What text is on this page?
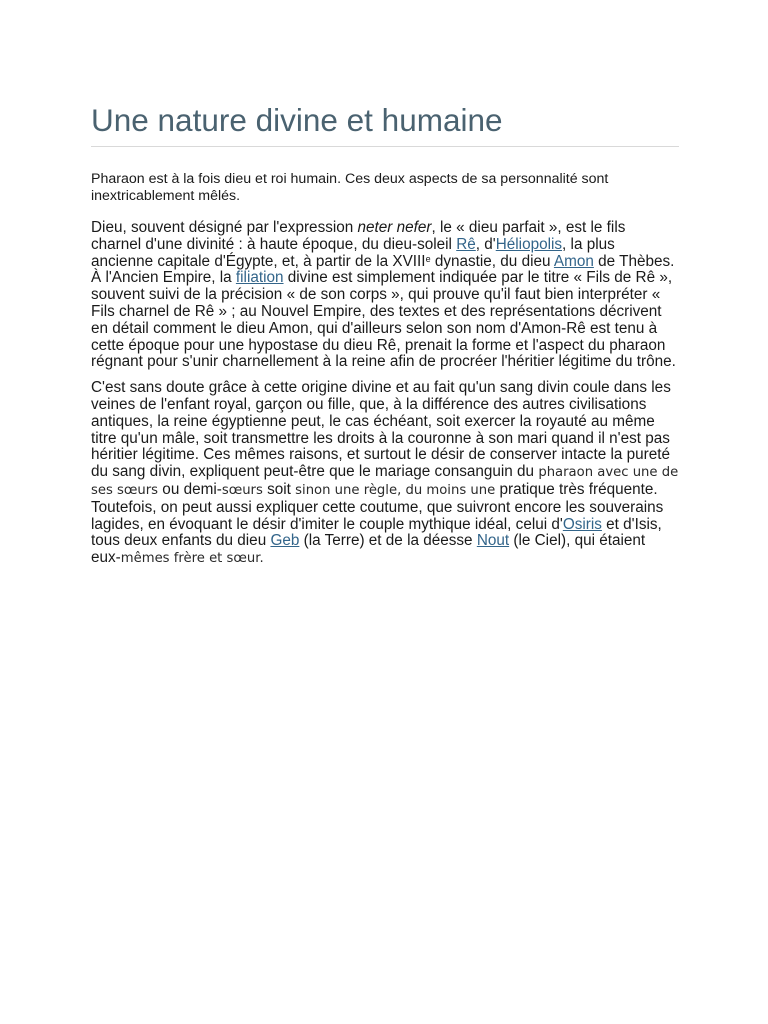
Une nature divine et humaine

Pharaon est à la fois dieu et roi humain. Ces deux aspects de sa personnalité sont inextricablement mêlés.

Dieu, souvent désigné par l'expression neter nefer, le « dieu parfait », est le fils charnel d'une divinité : à haute époque, du dieu-soleil Rê, d'Héliopolis, la plus ancienne capitale d'Égypte, et, à partir de la XVIIIe dynastie, du dieu Amon de Thèbes. À l'Ancien Empire, la filiation divine est simplement indiquée par le titre « Fils de Rê », souvent suivi de la précision « de son corps », qui prouve qu'il faut bien interpréter « Fils charnel de Rê » ; au Nouvel Empire, des textes et des représentations décrivent en détail comment le dieu Amon, qui d'ailleurs selon son nom d'Amon-Rê est tenu à cette époque pour une hypostase du dieu Rê, prenait la forme et l'aspect du pharaon régnant pour s'unir charnellement à la reine afin de procréer l'héritier légitime du trône.

C'est sans doute grâce à cette origine divine et au fait qu'un sang divin coule dans les veines de l'enfant royal, garçon ou fille, que, à la différence des autres civilisations antiques, la reine égyptienne peut, le cas échéant, soit exercer la royauté au même titre qu'un mâle, soit transmettre les droits à la couronne à son mari quand il n'est pas héritier légitime. Ces mêmes raisons, et surtout le désir de conserver intacte la pureté du sang divin, expliquent peut-être que le mariage consanguin du pharaon avec une de ses sœurs ou demi-sœurs soit sinon une règle, du moins une pratique très fréquente. Toutefois, on peut aussi expliquer cette coutume, que suivront encore les souverains lagides, en évoquant le désir d'imiter le couple mythique idéal, celui d'Osiris et d'Isis, tous deux enfants du dieu Geb (la Terre) et de la déesse Nout (le Ciel), qui étaient eux-mêmes frère et sœur.
